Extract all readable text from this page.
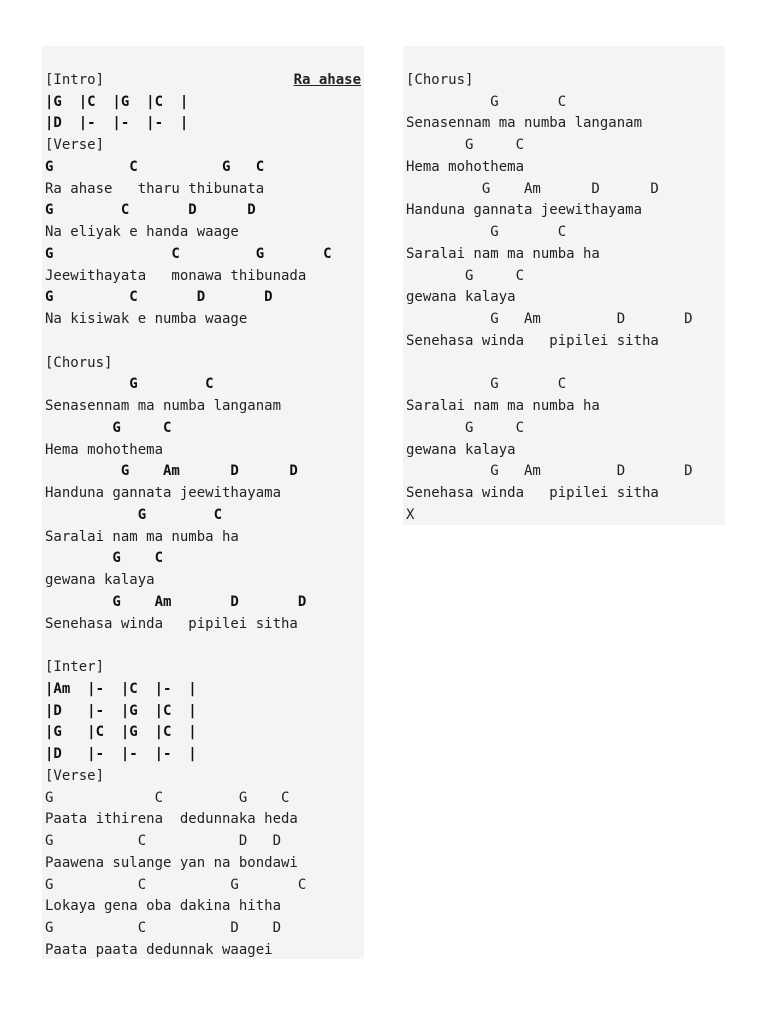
Ra ahase

[Intro]
|G  |C  |G  |C  |
|D  |-  |-  |-  |
[Verse]
G         C          G   C
Ra ahase   tharu thibunata
G        C       D      D
Na eliyak e handa waage
G              C         G       C
Jeewithayata   monawa thibunada
G         C       D       D
Na kisiwak e numba waage
[Chorus]
G        C
Senasennam ma numba langanam
G     C
Hema mohothema
G    Am      D      D
Handuna gannata jeewithayama
G        C
Saralai nam ma numba ha
G    C
gewana kalaya
G    Am       D       D
Senehasa winda   pipilei sitha
[Inter]
|Am  |-  |C  |-  |
|D   |-  |G  |C  |
|G   |C  |G  |C  |
|D   |-  |-  |-  |
[Verse]
G            C         G    C
Paata ithirena  dedunnaka heda
G          C           D   D
Paawena sulange yan na bondawi
G          C          G       C
Lokaya gena oba dakina hitha
G          C          D    D
Paata paata dedunnak waagei
[Chorus]
G       C
Senasennam ma numba langanam
G     C
Hema mohothema
G    Am      D      D
Handuna gannata jeewithayama
G       C
Saralai nam ma numba ha
G     C
gewana kalaya
G   Am         D       D
Senehasa winda   pipilei sitha
G       C
Saralai nam ma numba ha
G     C
gewana kalaya
G   Am         D       D
Senehasa winda   pipilei sitha
X
